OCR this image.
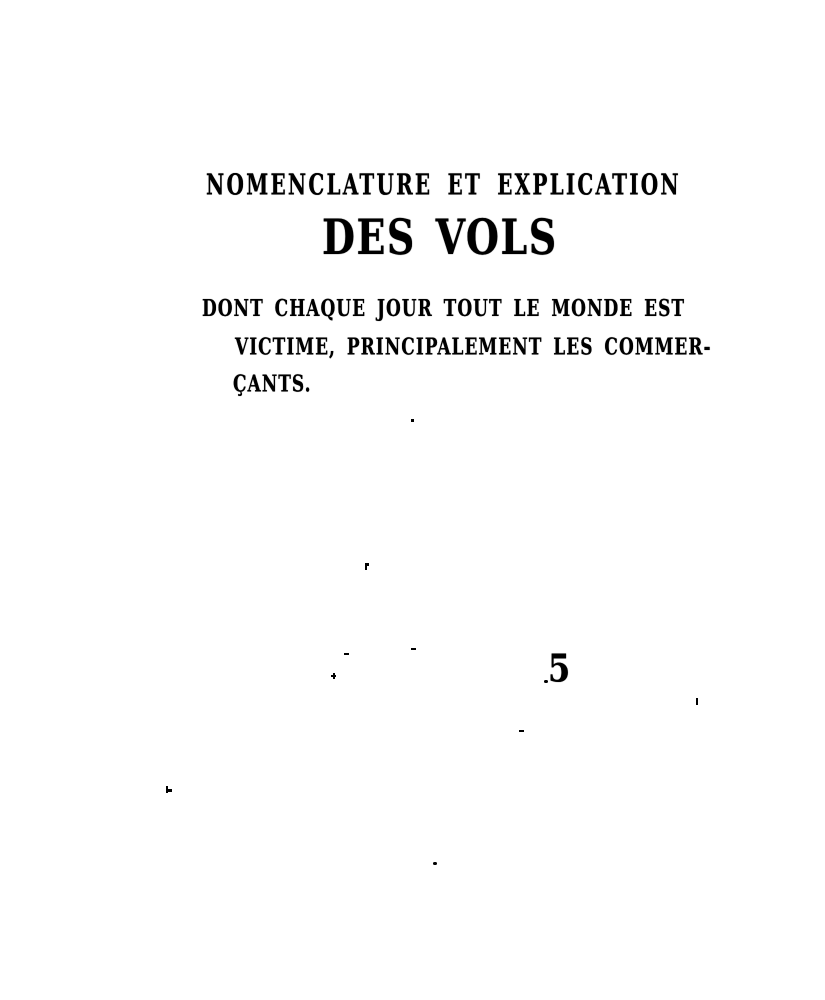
NOMENCLATURE ET EXPLICATION
DES VOLS
DONT CHAQUE JOUR TOUT LE MONDE EST
VICTIME, PRINCIPALEMENT LES COMMER-
ÇANTS.
5
